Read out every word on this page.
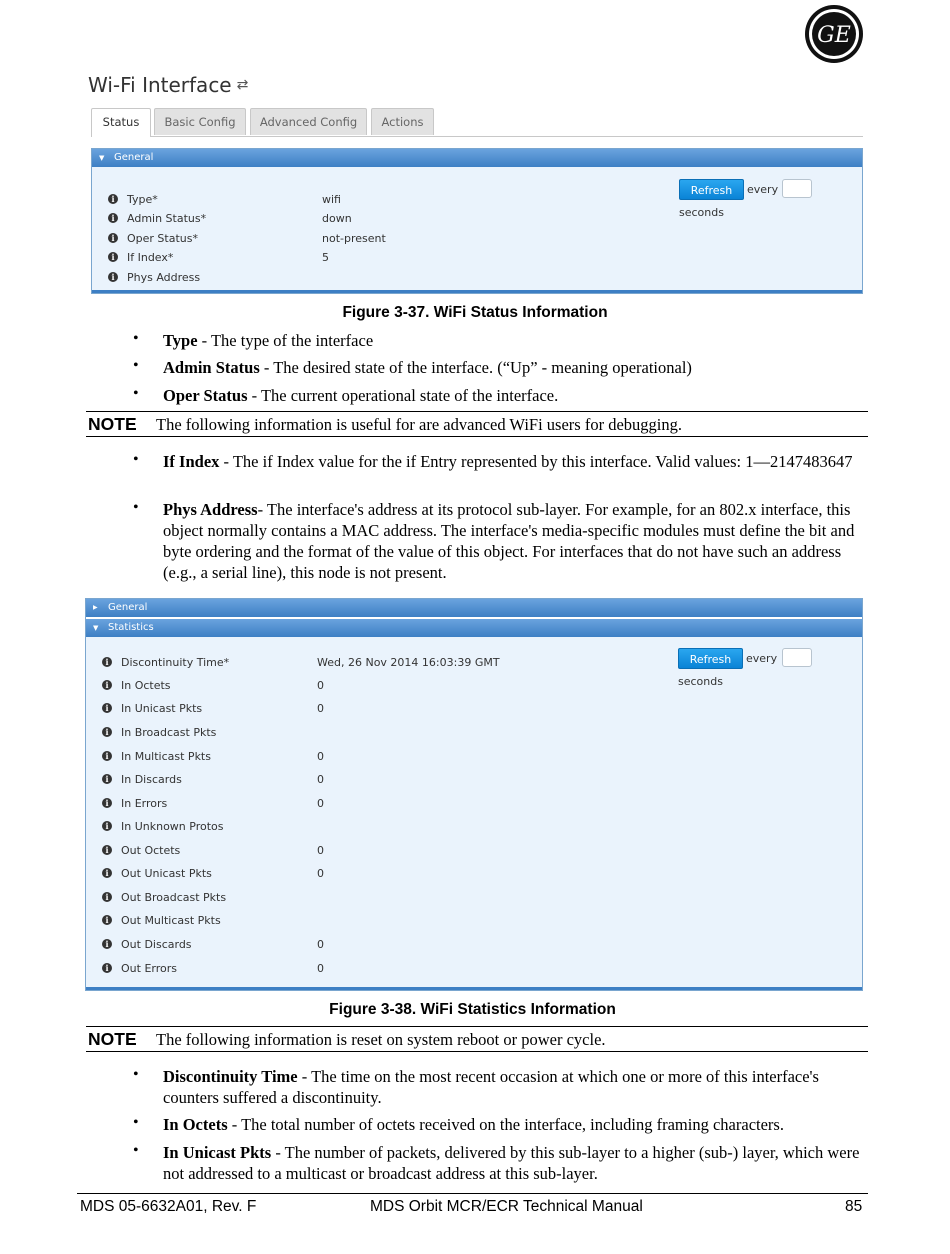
GE
Wi-Fi Interface ⇄
Status	Basic Config	Advanced Config	Actions
▼ General
i	Type*	wifi
i	Admin Status*	down
i	Oper Status*	not-present
i	If Index*	5
i	Phys Address
Refresh	every
seconds
Figure 3-37. WiFi Status Information
• Type - The type of the interface
• Admin Status - The desired state of the interface. (“Up” - meaning operational)
• Oper Status - The current operational state of the interface.
NOTE The following information is useful for are advanced WiFi users for debugging.
• If Index - The if Index value for the if Entry represented by this interface. Valid values: 1—2147483647
• Phys Address- The interface's address at its protocol sub-layer. For example, for an 802.x interface, this object normally contains a MAC address. The interface's media-specific modules must define the bit and byte ordering and the format of the value of this object. For interfaces that do not have such an address (e.g., a serial line), this node is not present.
▶ General
▼ Statistics
i	Discontinuity Time*	Wed, 26 Nov 2014 16:03:39 GMT
i	In Octets	0
i	In Unicast Pkts	0
i	In Broadcast Pkts
i	In Multicast Pkts	0
i	In Discards	0
i	In Errors	0
i	In Unknown Protos
i	Out Octets	0
i	Out Unicast Pkts	0
i	Out Broadcast Pkts
i	Out Multicast Pkts
i	Out Discards	0
i	Out Errors	0
Refresh	every
seconds
Figure 3-38. WiFi Statistics Information
NOTE The following information is reset on system reboot or power cycle.
• Discontinuity Time - The time on the most recent occasion at which one or more of this interface's counters suffered a discontinuity.
• In Octets - The total number of octets received on the interface, including framing characters.
• In Unicast Pkts - The number of packets, delivered by this sub-layer to a higher (sub-) layer, which were not addressed to a multicast or broadcast address at this sub-layer.
MDS 05-6632A01, Rev. F	MDS Orbit MCR/ECR Technical Manual	85
